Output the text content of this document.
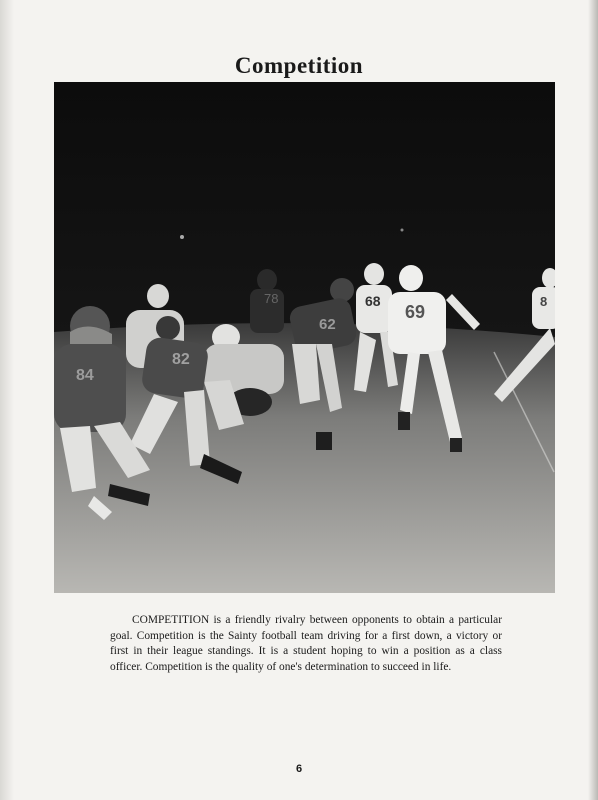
Competition
78	68
69
62
8
82
84

COMPETITION is a friendly rivalry between opponents to obtain a particular goal. Competition is the Sainty football team driving for a first down, a victory or first in their league standings. It is a student hoping to win a position as a class officer. Competition is the quality of one's determination to succeed in life.

6
